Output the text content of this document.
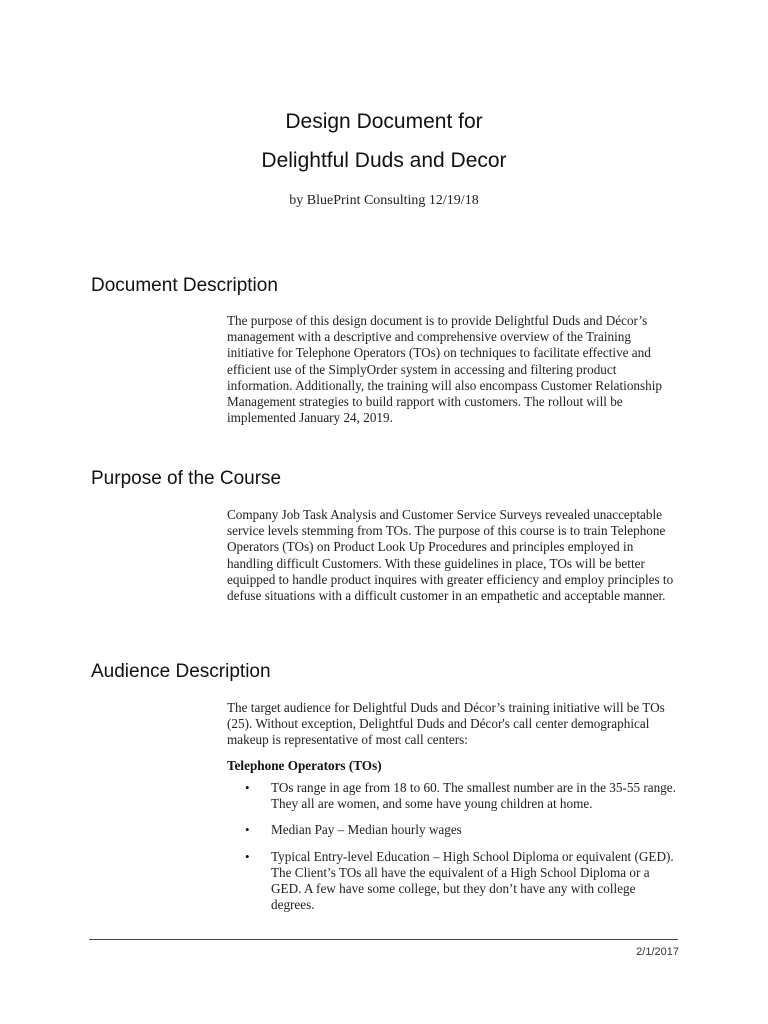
Design Document for
Delightful Duds and Decor
by BluePrint Consulting 12/19/18
Document Description

The purpose of this design document is to provide Delightful Duds and Décor’s management with a descriptive and comprehensive overview of the Training initiative for Telephone Operators (TOs) on techniques to facilitate effective and efficient use of the SimplyOrder system in accessing and filtering product information. Additionally, the training will also encompass Customer Relationship Management strategies to build rapport with customers. The rollout will be implemented January 24, 2019.

Purpose of the Course

Company Job Task Analysis and Customer Service Surveys revealed unacceptable service levels stemming from TOs. The purpose of this course is to train Telephone Operators (TOs) on Product Look Up Procedures and principles employed in handling difficult Customers. With these guidelines in place, TOs will be better equipped to handle product inquires with greater efficiency and employ principles to defuse situations with a difficult customer in an empathetic and acceptable manner.

Audience Description

The target audience for Delightful Duds and Décor’s training initiative will be TOs (25). Without exception, Delightful Duds and Décor's call center demographical makeup is representative of most call centers:

Telephone Operators (TOs)
• TOs range in age from 18 to 60. The smallest number are in the 35-55 range. They all are women, and some have young children at home.
• Median Pay – Median hourly wages
• Typical Entry-level Education – High School Diploma or equivalent (GED). The Client’s TOs all have the equivalent of a High School Diploma or a GED. A few have some college, but they don’t have any with college degrees.
2/1/2017
